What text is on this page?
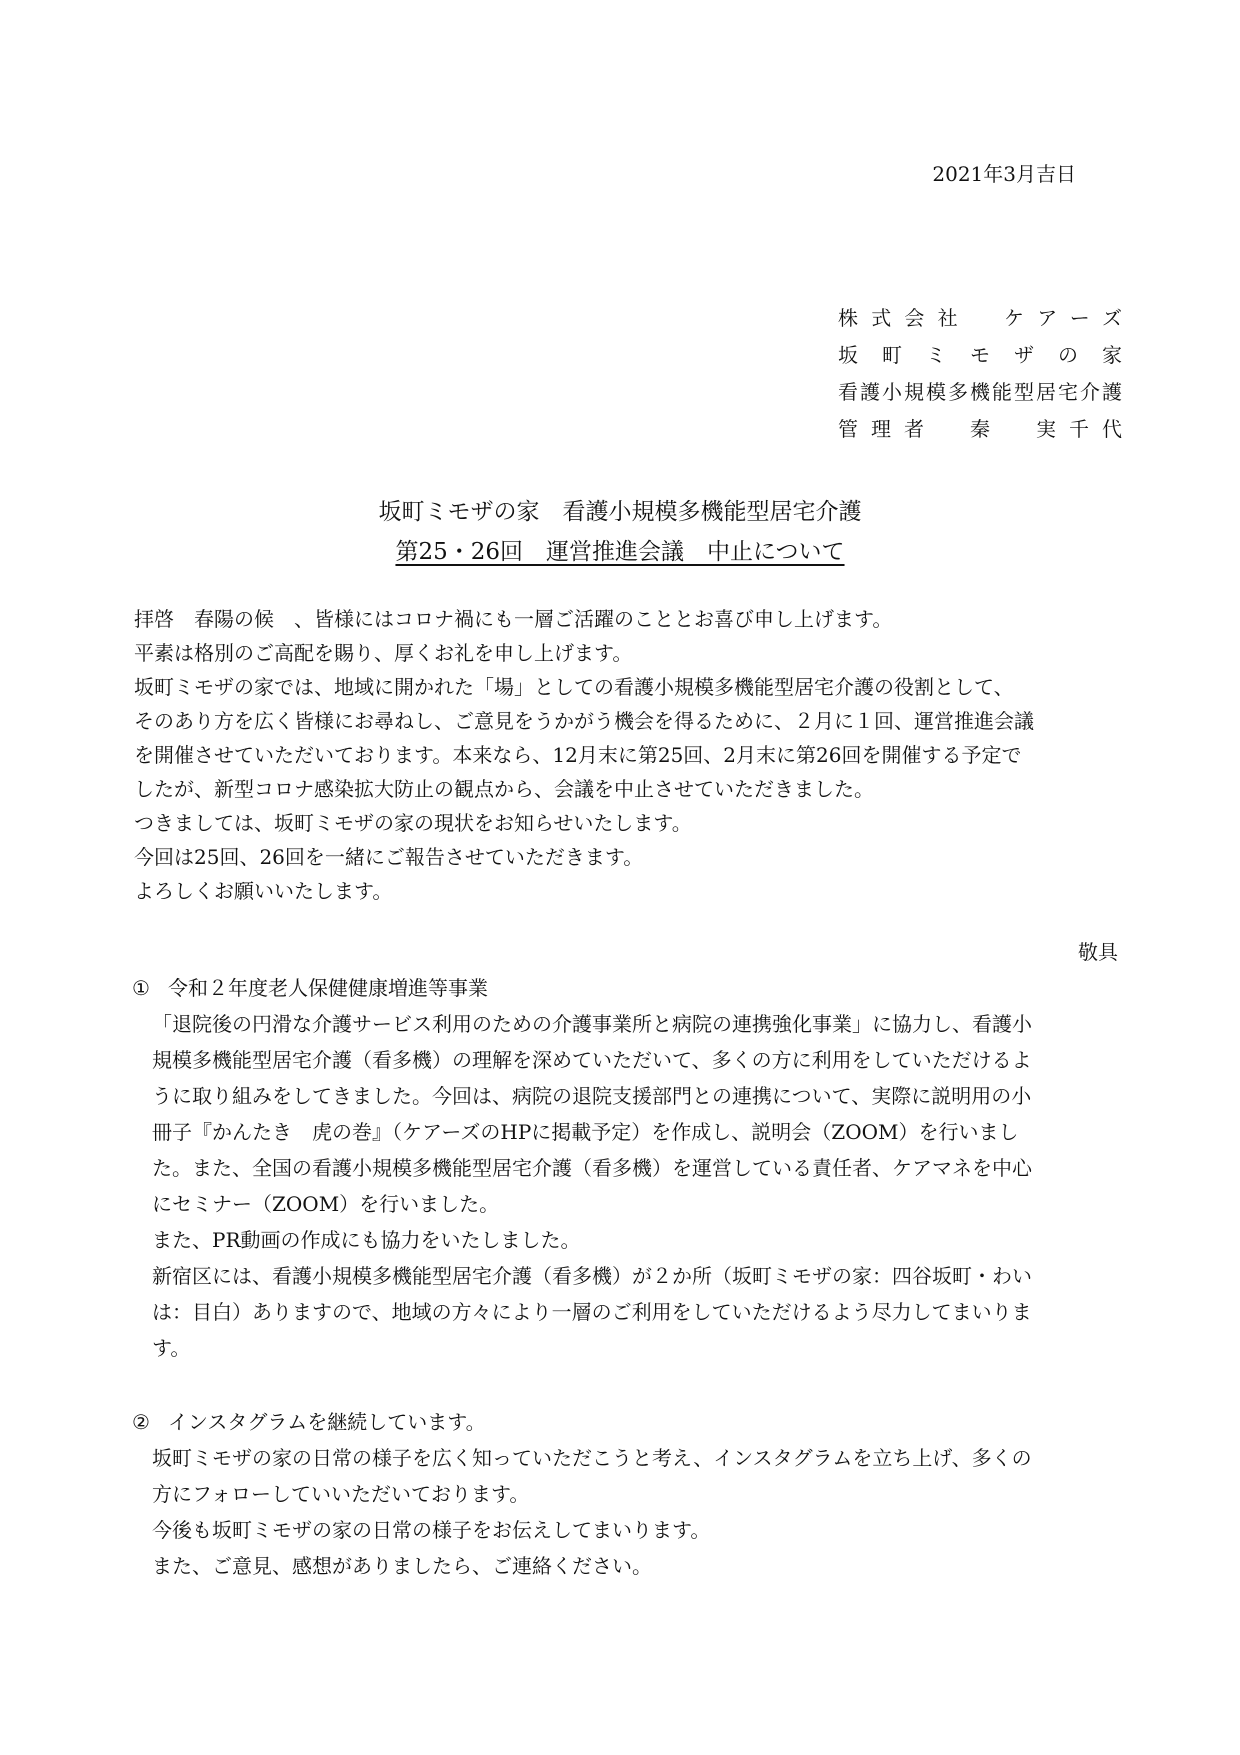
2021年3月吉日
株式会社　ケアーズ
坂町ミモザの家
看護小規模多機能型居宅介護
管理者　秦　実千代
坂町ミモザの家　看護小規模多機能型居宅介護
第25・26回　運営推進会議　中止について
拝啓　春陽の候　、皆様にはコロナ禍にも一層ご活躍のこととお喜び申し上げます。
平素は格別のご高配を賜り、厚くお礼を申し上げます。
坂町ミモザの家では、地域に開かれた「場」としての看護小規模多機能型居宅介護の役割として、
そのあり方を広く皆様にお尋ねし、ご意見をうかがう機会を得るために、２月に１回、運営推進会議
を開催させていただいております。本来なら、12月末に第25回、2月末に第26回を開催する予定で
したが、新型コロナ感染拡大防止の観点から、会議を中止させていただきました。
つきましては、坂町ミモザの家の現状をお知らせいたします。
今回は25回、26回を一緒にご報告させていただきます。
よろしくお願いいたします。
敬具
① 令和２年度老人保健健康増進等事業
「退院後の円滑な介護サービス利用のための介護事業所と病院の連携強化事業」に協力し、看護小
規模多機能型居宅介護（看多機）の理解を深めていただいて、多くの方に利用をしていただけるよ
うに取り組みをしてきました。今回は、病院の退院支援部門との連携について、実際に説明用の小
冊子『かんたき　虎の巻』（ケアーズのHPに掲載予定）を作成し、説明会（ZOOM）を行いまし
た。また、全国の看護小規模多機能型居宅介護（看多機）を運営している責任者、ケアマネを中心
にセミナー（ZOOM）を行いました。
また、PR動画の作成にも協力をいたしました。
新宿区には、看護小規模多機能型居宅介護（看多機）が２か所（坂町ミモザの家：四谷坂町・わい
は：目白）ありますので、地域の方々により一層のご利用をしていただけるよう尽力してまいりま
す。
② インスタグラムを継続しています。
坂町ミモザの家の日常の様子を広く知っていただこうと考え、インスタグラムを立ち上げ、多くの
方にフォローしていいただいております。
今後も坂町ミモザの家の日常の様子をお伝えしてまいります。
また、ご意見、感想がありましたら、ご連絡ください。
